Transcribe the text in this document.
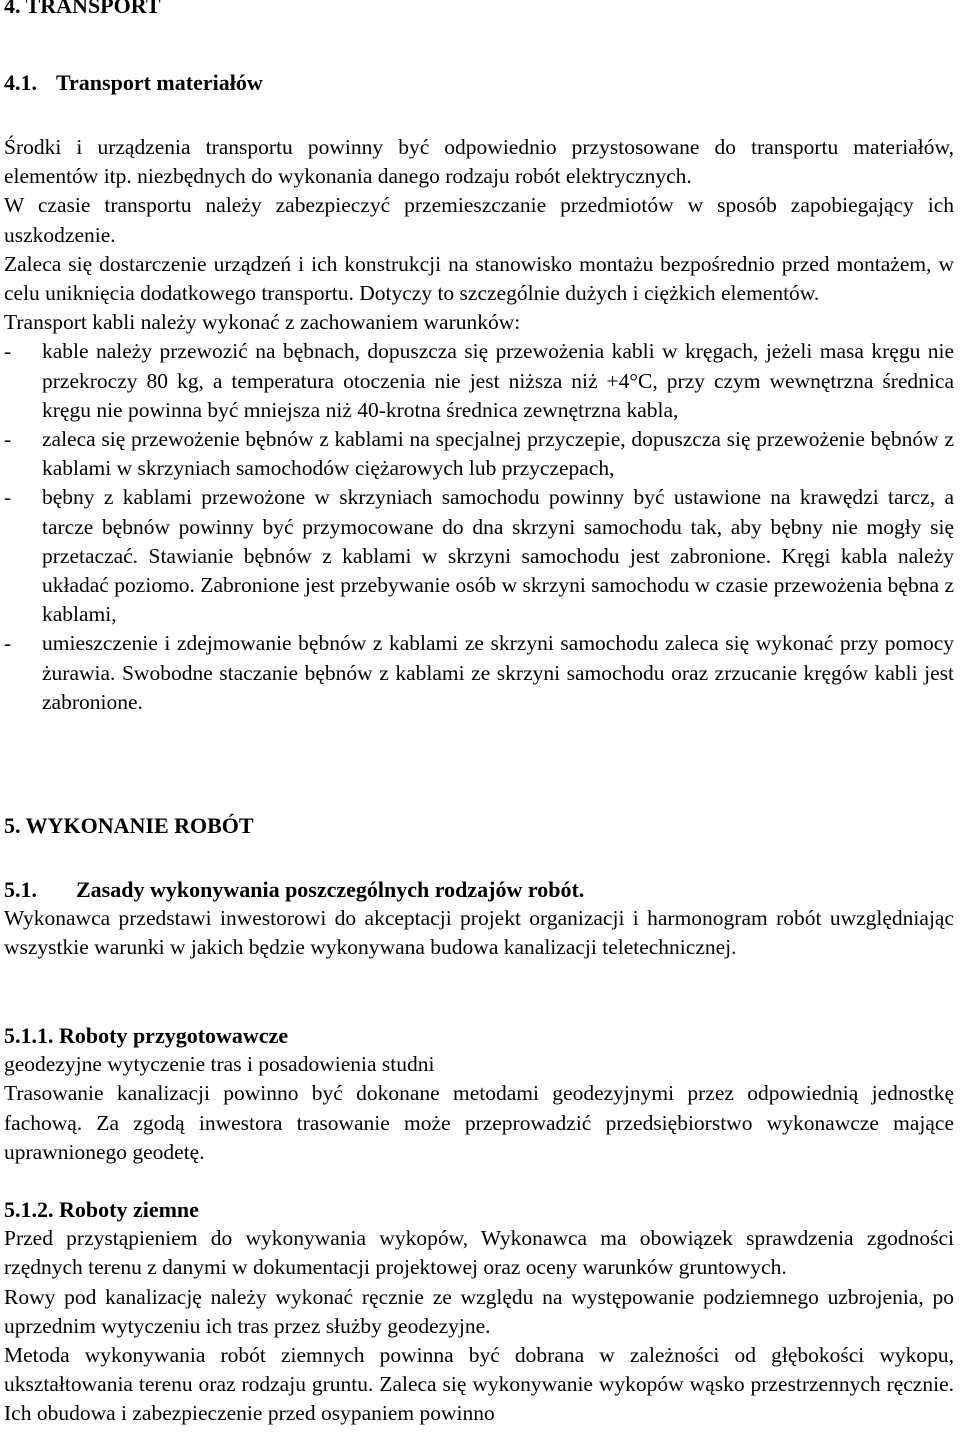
4. TRANSPORT
4.1. Transport materiałów

Środki i urządzenia transportu powinny być odpowiednio przystosowane do transportu materiałów, elementów itp. niezbędnych do wykonania danego rodzaju robót elektrycznych.

W czasie transportu należy zabezpieczyć przemieszczanie przedmiotów w sposób zapobiegający ich uszkodzenie.

Zaleca się dostarczenie urządzeń i ich konstrukcji na stanowisko montażu bezpośrednio przed montażem, w celu uniknięcia dodatkowego transportu. Dotyczy to szczególnie dużych i ciężkich elementów.

Transport kabli należy wykonać z zachowaniem warunków:

- kable należy przewozić na bębnach, dopuszcza się przewożenia kabli w kręgach, jeżeli masa kręgu nie przekroczy 80 kg, a temperatura otoczenia nie jest niższa niż +4°C, przy czym wewnętrzna średnica kręgu nie powinna być mniejsza niż 40-krotna średnica zewnętrzna kabla,
- zaleca się przewożenie bębnów z kablami na specjalnej przyczepie, dopuszcza się przewożenie bębnów z kablami w skrzyniach samochodów ciężarowych lub przyczepach,
- bębny z kablami przewożone w skrzyniach samochodu powinny być ustawione na krawędzi tarcz, a tarcze bębnów powinny być przymocowane do dna skrzyni samochodu tak, aby bębny nie mogły się przetaczać. Stawianie bębnów z kablami w skrzyni samochodu jest zabronione. Kręgi kabla należy układać poziomo. Zabronione jest przebywanie osób w skrzyni samochodu w czasie przewożenia bębna z kablami,
- umieszczenie i zdejmowanie bębnów z kablami ze skrzyni samochodu zaleca się wykonać przy pomocy żurawia. Swobodne staczanie bębnów z kablami ze skrzyni samochodu oraz zrzucanie kręgów kabli jest zabronione.
5. WYKONANIE ROBÓT
5.1. Zasady wykonywania poszczególnych rodzajów robót.

Wykonawca przedstawi inwestorowi do akceptacji projekt organizacji i harmonogram robót uwzględniając wszystkie warunki w jakich będzie wykonywana budowa kanalizacji teletechnicznej.

5.1.1. Roboty przygotowawcze

geodezyjne wytyczenie tras i posadowienia studni

Trasowanie kanalizacji powinno być dokonane metodami geodezyjnymi przez odpowiednią jednostkę fachową. Za zgodą inwestora trasowanie może przeprowadzić przedsiębiorstwo wykonawcze mające uprawnionego geodetę.

5.1.2. Roboty ziemne

Przed przystąpieniem do wykonywania wykopów, Wykonawca ma obowiązek sprawdzenia zgodności rzędnych terenu z danymi w dokumentacji projektowej oraz oceny warunków gruntowych.

Rowy pod kanalizację należy wykonać ręcznie ze względu na występowanie podziemnego uzbrojenia, po uprzednim wytyczeniu ich tras przez służby geodezyjne.

Metoda wykonywania robót ziemnych powinna być dobrana w zależności od głębokości wykopu, ukształtowania terenu oraz rodzaju gruntu. Zaleca się wykonywanie wykopów wąsko przestrzennych ręcznie. Ich obudowa i zabezpieczenie przed osypaniem powinno
